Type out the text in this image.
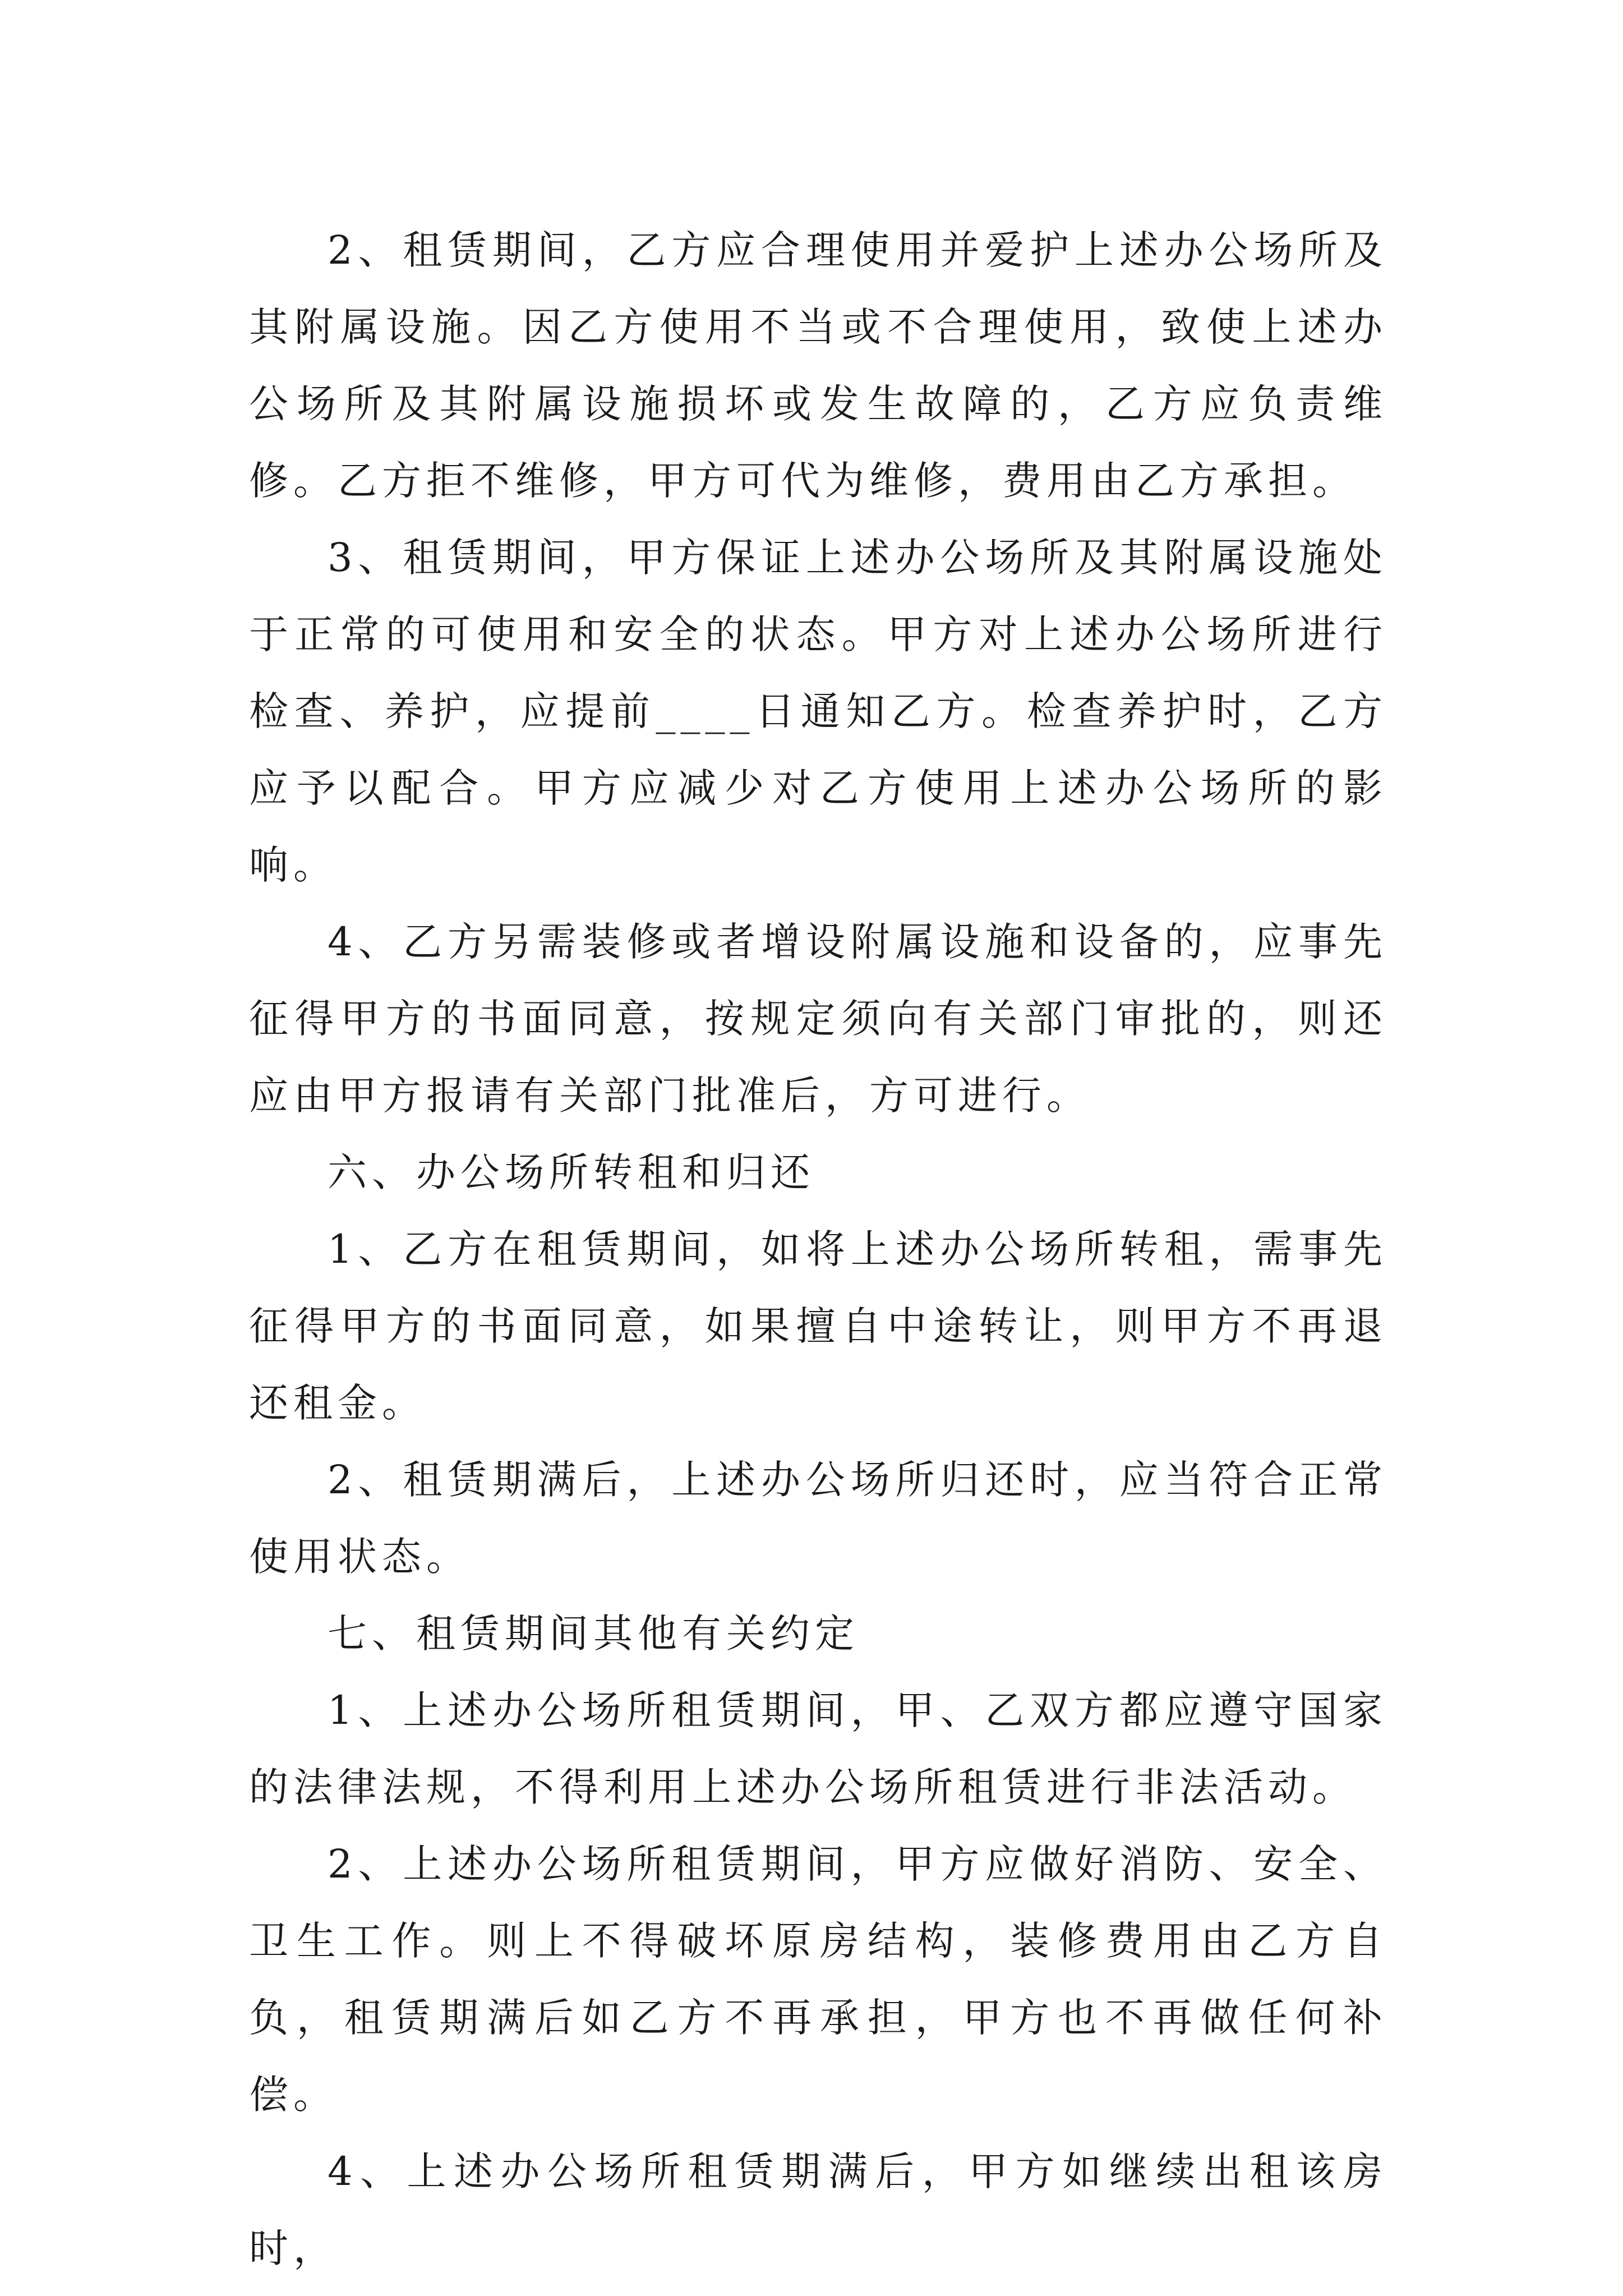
2、租赁期间，乙方应合理使用并爱护上述办公场所及其附属设施。因乙方使用不当或不合理使用，致使上述办公场所及其附属设施损坏或发生故障的，乙方应负责维修。乙方拒不维修，甲方可代为维修，费用由乙方承担。

3、租赁期间，甲方保证上述办公场所及其附属设施处于正常的可使用和安全的状态。甲方对上述办公场所进行检查、养护，应提前____日通知乙方。检查养护时，乙方应予以配合。甲方应减少对乙方使用上述办公场所的影响。

4、乙方另需装修或者增设附属设施和设备的，应事先征得甲方的书面同意，按规定须向有关部门审批的，则还应由甲方报请有关部门批准后，方可进行。

六、办公场所转租和归还

1、乙方在租赁期间，如将上述办公场所转租，需事先征得甲方的书面同意，如果擅自中途转让，则甲方不再退还租金。

2、租赁期满后，上述办公场所归还时，应当符合正常使用状态。

七、租赁期间其他有关约定

1、上述办公场所租赁期间，甲、乙双方都应遵守国家的法律法规，不得利用上述办公场所租赁进行非法活动。

2、上述办公场所租赁期间，甲方应做好消防、安全、卫生工作。则上不得破坏原房结构，装修费用由乙方自负，租赁期满后如乙方不再承担，甲方也不再做任何补偿。

4、上述办公场所租赁期满后，甲方如继续出租该房时，
